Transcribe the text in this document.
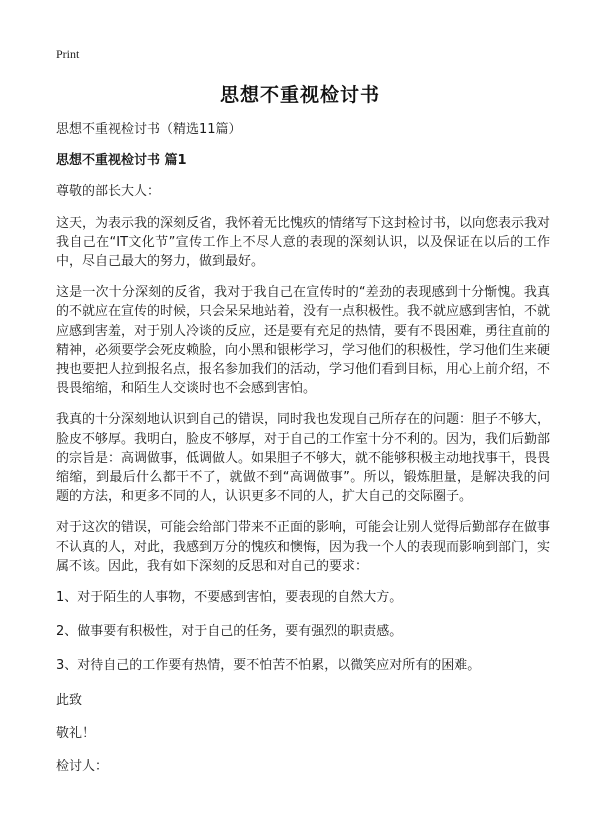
Print
思想不重视检讨书

思想不重视检讨书（精选11篇）

思想不重视检讨书 篇1

尊敬的部长大人：

这天，为表示我的深刻反省，我怀着无比愧疚的情绪写下这封检讨书，以向您表示我对我自己在“IT文化节”宣传工作上不尽人意的表现的深刻认识，以及保证在以后的工作中，尽自己最大的努力，做到最好。

这是一次十分深刻的反省，我对于我自己在宣传时的“差劲的表现感到十分惭愧。我真的不就应在宣传的时候，只会呆呆地站着，没有一点积极性。我不就应感到害怕，不就应感到害羞，对于别人冷谈的反应，还是要有充足的热情，要有不畏困难，勇往直前的精神，必须要学会死皮赖脸，向小黑和银彬学习，学习他们的积极性，学习他们生来硬拽也要把人拉到报名点，报名参加我们的活动，学习他们看到目标，用心上前介绍，不畏畏缩缩，和陌生人交谈时也不会感到害怕。

我真的十分深刻地认识到自己的错误，同时我也发现自己所存在的问题：胆子不够大，脸皮不够厚。我明白，脸皮不够厚，对于自己的工作室十分不利的。因为，我们后勤部的宗旨是：高调做事，低调做人。如果胆子不够大，就不能够积极主动地找事干，畏畏缩缩，到最后什么都干不了，就做不到“高调做事”。所以，锻炼胆量，是解决我的问题的方法，和更多不同的人，认识更多不同的人，扩大自己的交际圈子。

对于这次的错误，可能会给部门带来不正面的影响，可能会让别人觉得后勤部存在做事不认真的人，对此，我感到万分的愧疚和懊悔，因为我一个人的表现而影响到部门，实属不该。因此，我有如下深刻的反思和对自己的要求：

1、对于陌生的人事物，不要感到害怕，要表现的自然大方。

2、做事要有积极性，对于自己的任务，要有强烈的职责感。

3、对待自己的工作要有热情，要不怕苦不怕累，以微笑应对所有的困难。

此致

敬礼！

检讨人：
